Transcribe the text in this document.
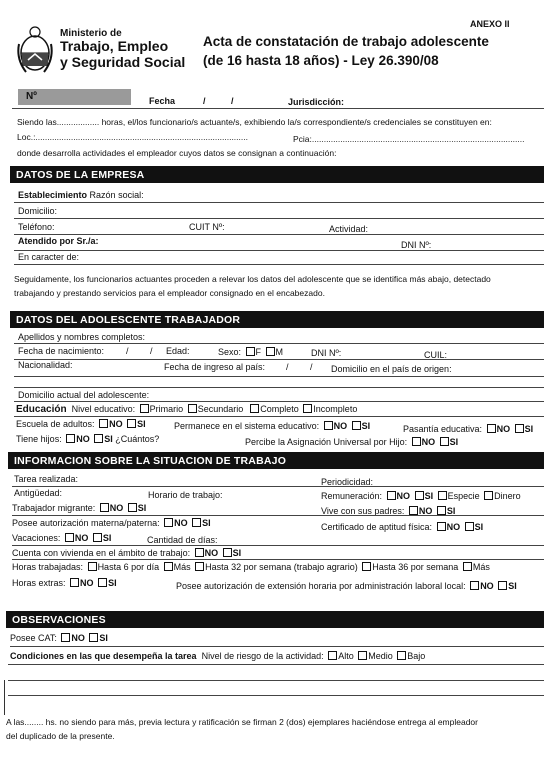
Ministerio de
Trabajo, Empleo
y Seguridad Social
ANEXO II
Acta de constatación de trabajo adolescente
(de 16 hasta 18 años) - Ley 26.390/08
Nº	Fecha	/	/	Jurisdicción:
Siendo las.................. horas, el/los funcionario/s actuante/s, exhibiendo la/s correspondiente/s credenciales se constituyen en:
Loc.:..........................................................................................	Pcia:..........................................................................................
donde desarrolla actividades el empleador cuyos datos se consignan a continuación:
DATOS DE LA EMPRESA
Establecimiento Razón social:
Domicilio:
Teléfono:	CUIT Nº:	Actividad:
Atendido por Sr./a:	DNI Nº:
En caracter de:
Seguidamente, los funcionarios actuantes proceden a relevar los datos del adolescente que se identifica más abajo, detectado
trabajando y prestando servicios para el empleador consignado en el encabezado.
DATOS DEL ADOLESCENTE TRABAJADOR
Apellidos y nombres completos:
Fecha de nacimiento: / / Edad:	Sexo: F M	DNI Nº:	CUIL:
Nacionalidad:	Fecha de ingreso al país: / / Domicilio en el país de origen:
Domicilio actual del adolescente:
Educación Nivel educativo: Primario Secundario Completo Incompleto
Escuela de adultos: NO SI	Permanece en el sistema educativo: NO SI	Pasantía educativa: NO SI
Tiene hijos: NO SI ¿Cuántos?	Percibe la Asignación Universal por Hijo: NO SI
INFORMACION SOBRE LA SITUACION DE TRABAJO
Tarea realizada:	Periodicidad:
Antigüedad:	Horario de trabajo:	Remuneración: NO SI Especie Dinero
Trabajador migrante: NO SI	Vive con sus padres: NO SI
Posee autorización materna/paterna: NO SI	Certificado de aptitud física: NO SI
Vacaciones: NO SI	Cantidad de días:
Cuenta con vivienda en el ámbito de trabajo: NO SI
Horas trabajadas: Hasta 6 por día Más Hasta 32 por semana (trabajo agrario) Hasta 36 por semana Más
Horas extras: NO SI	Posee autorización de extensión horaria por administración laboral local: NO SI
OBSERVACIONES
Posee CAT: NO SI
Condiciones en las que desempeña la tarea Nivel de riesgo de la actividad: Alto Medio Bajo
A las........ hs. no siendo para más, previa lectura y ratificación se firman 2 (dos) ejemplares haciéndose entrega al empleador
del duplicado de la presente.
